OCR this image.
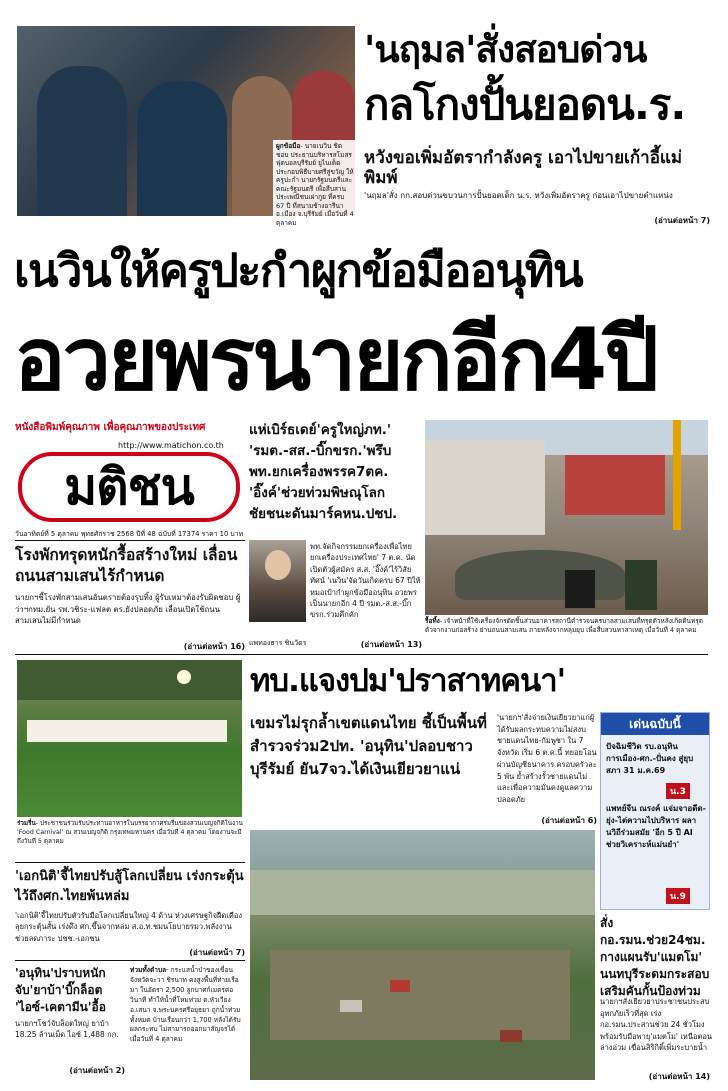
ผูกข้อมือ- นายเนวิน ชิดชอบ ประธานบริหารสโมสรฟุตบอลบุรีรัมย์ ยูไนเต็ด ประกอบพิธีบายศรีสู่ขวัญ ให้ครูปะกำ นายกรัฐมนตรีและคณะรัฐมนตรี เพื่อสืบสานประเพณีชนเผ่ากูย ที่ครบ 67 ปี ที่สนามช้างอารีนา อ.เมือง จ.บุรีรัมย์ เมื่อวันที่ 4 ตุลาคม
'นฤมล'สั่งสอบด่วน
กลโกงปั้นยอดน.ร.
หวังขอเพิ่มอัตรากำลังครู เอาไปขายเก้าอี้แม่พิมพ์
'นฤมล'สั่ง กก.สอบด่วนขบวนการปั้นยอดเด็ก น.ร. หวังเพิ่มอัตราครู ก่อนเอาไปขายตำแหน่ง
(อ่านต่อหน้า 7)
เนวินให้ครูปะกำผูกข้อมืออนุทิน
อวยพรนายกอีก4ปี
หนังสือพิมพ์คุณภาพ เพื่อคุณภาพของประเทศ
http://www.matichon.co.th
มติชน
วันอาทิตย์ที่ 5 ตุลาคม พุทธศักราช 2568 ปีที่ 48 ฉบับที่ 17374 ราคา 10 บาท
แห่เบิร์ธเดย์'ครูใหญ่ภท.' 'รมต.-สส.-บิ๊กขรก.'พรึบ พท.ยกเครื่องพรรค7ตค. 'อิ๊งค์'ช่วยท่วมพิษณุโลก ชัยชนะดันมาร์คหน.ปชป.
แพทองธาร ชินวัตร
พท.จัดกิจกรรมยกเครื่องเพื่อไทย ยกเครื่องประเทศไทย' 7 ต.ค. นัดเปิดตัวผู้สมัคร ส.ส. 'อิ๊งค์'ไร้วิสัยทัศน์ 'เนวิน'จัดวันเกิดครบ 67 ปีให้หมอเป้ากำผูกข้อมืออนุทิน อวยพรเป็นนายกอีก 4 ปี รมต.-ส.ส.-บิ๊ก ขรก.ร่วมคึกคัก
(อ่านต่อหน้า 13)
รื้อทิ้ง- เจ้าหน้าที่ใช้เครื่องจักรตัดชิ้นส่วนอาคารสถานีตำรวจนครบาลสามเสนที่ทรุดตัวหลังเกิดดินทรุดตัวจากงานก่อสร้าง ย่านถนนสามเสน ภายหลังจากหลุมยุบ เพื่อสืบสวนหาสาเหตุ เมื่อวันที่ 4 ตุลาคม
โรงพักทรุดหนักรื้อสร้างใหม่ เลื่อนถนนสามเสนไร้กำหนด
นายกฯชี้โรงพักสามเสนอันตรายต้องรุบทิ้ง ผู้รับเหมาต้องรับผิดชอบ ผู้ว่าฯกทม.ยัน รพ.วชิระ-แฟลต ตร.ยังปลอดภัย เลื่อนเปิดใช้ถนนสามเสนไม่มีกำหนด
(อ่านต่อหน้า 16)
ร่วมรื่น- ประชาชนร่วมรับประทานอาหารในบรรยากาศร่มรื่นของสวนเบญจกิติในงาน 'Food Carnival' ณ สวนเบญจกิติ กรุงเทพมหานคร เมื่อวันที่ 4 ตุลาคม โดยงานจะมีถึงวันที่ 5 ตุลาคม
'เอกนิติ'จี้ไทยปรับสู้โลกเปลี่ยน เร่งกระตุ้นไว้ถึงศก.ไทยพ้นหล่ม
'เอกนิติ'จี้ไทยปรับตัวรับมือโลกเปลี่ยนใหญ่ 4 ด้าน ห่วงเศรษฐกิจฝืดเคือง ลุยกระตุ้นสั้น เร่งดึง ศก.ขึ้นจากหล่ม ส.อ.ท.ชมนโยบายรมว.พลังงานช่วยลดภาระ ปชช.-เอกชน
(อ่านต่อหน้า 7)
'อนุทิน'ปราบหนัก จับ'ยาบ้า'บิ๊กล็อต 'ไอซ์-เคตามีน'อื้อ
นายกฯโชว์จับล็อตใหญ่ ยาบ้า 18.25 ล้านเม็ด ไอซ์ 1,488 กก.
(อ่านต่อหน้า 2)
ท่วมทั้งตำบล- กระแสน้ำป่าของเขื่อนจังหวัดจะวา ชิรนาท คงสูงพื้นที่ท่ายเรือมา ในอัตรา 2,500 ลูกบาศก์เมตรต่อวินาที ทำให้น้ำที่โหมท่วม ต.หัวเวียง อ.เสนา จ.พระนครศรีอยุธยา ถูกน้ำท่วมทั้งหมด บ้านเรือนกว่า 1,700 หลังได้รับผลกระทบ ไม่สามารถออกมาสัญจรได้ เมื่อวันที่ 4 ตุลาคม
ทบ.แจงปม'ปราสาทคนา'
เขมรไม่รุกล้ำเขตแดนไทย ชี้เป็นพื้นที่สำรวจร่วม2ปท. 'อนุทิน'ปลอบชาวบุรีรัมย์ ยัน7จว.ได้เงินเยียวยาแน่
'นายกฯ'สั่งจ่ายเงินเยียวยาแก่ผู้ได้รับผลกระทบความไม่สงบชายแดนไทย-กัมพูชา ใน 7 จังหวัด เริ่ม 6 ต.ค.นี้ ทยอยโอนผ่านบัญชีธนาคาร ครอบครัวละ 5 พัน ย้ำสร้างรั้วชายแดนไม่และเพื่อความมั่นคงดูแลความปลอดภัย
(อ่านต่อหน้า 6)
เด่นฉบับนี้
ปัจฉิมชีวิต รบ.อนุทิน การเมือง-ศก.-ปั่นคง สู่ยุบสภา 31 ม.ค.69
น.3
แพทย์จีน ณรงค์ แจ่มจาอดีต-ยุ่ง-ไต่ความไปบริหาร ผลานวิถีร่วมสมัย 'อีก 5 ปี AI ช่วยวิเคราะห์แม่นยำ'
น.9
สั่งกอ.รมน.ช่วย24ชม. กางแผนรับ'แมตโม' นนทบุรีระดมกระสอบ เสริมคันกั้นป้องท่วม
นายกฯสั่งเยียวยาประชาชนประสบอุทกภัยเร็วที่สุด เร่ง กอ.รมน.ประสานช่วย 24 ชั่วโมง พร้อมรับมือพายุ'แมตโม' เหนือตอนล่างอ่วม เขื่อนสิริกิติ์เพิ่มระบายน้ำ
(อ่านต่อหน้า 14)
